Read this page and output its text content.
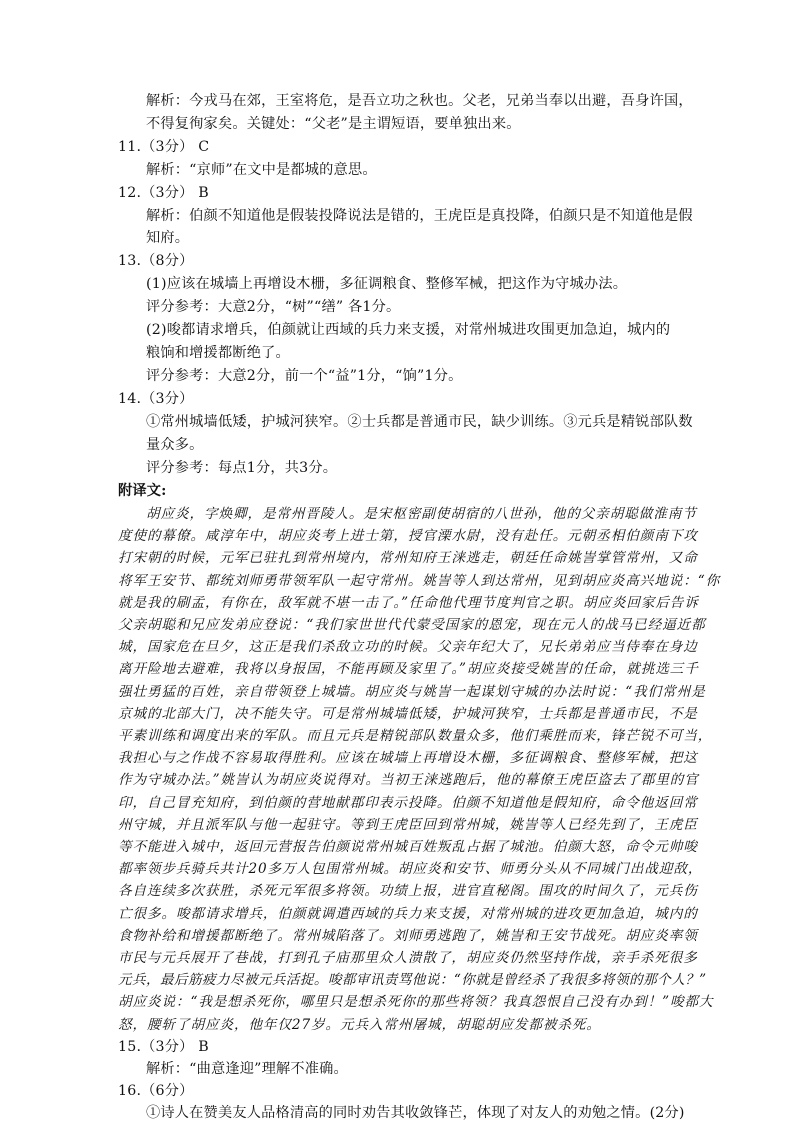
解析：今戎马在郊，王室将危，是吾立功之秋也。父老，兄弟当奉以出避，吾身许国，
不得复徇家矣。关键处：“父老”是主谓短语，要单独出来。
11.（3分） C
解析：“京师”在文中是都城的意思。
12.（3分） B
解析：伯颜不知道他是假装投降说法是错的，王虎臣是真投降，伯颜只是不知道他是假
知府。
13.（8分）
(1)应该在城墙上再增设木栅，多征调粮食、整修军械，把这作为守城办法。
评分参考：大意2分，“树”“缮” 各1分。
(2)唆都请求增兵，伯颜就让西域的兵力来支援，对常州城进攻围更加急迫，城内的
粮饷和增援都断绝了。
评分参考：大意2分，前一个“益”1分，“饷”1分。
14.（3分）
①常州城墙低矮，护城河狭窄。②士兵都是普通市民，缺少训练。③元兵是精锐部队数
量众多。
评分参考：每点1分，共3分。
附译文:
胡应炎，字焕卿，是常州晋陵人。是宋枢密副使胡宿的八世孙，他的父亲胡聪做淮南节
度使的幕僚。咸淳年中，胡应炎考上进士第，授官溧水尉，没有赴任。元朝丞相伯颜南下攻
打宋朝的时候，元军已驻扎到常州境内，常州知府王涞逃走，朝廷任命姚訔掌管常州，又命
将军王安节、都统刘师勇带领军队一起守常州。姚訔等人到达常州，见到胡应炎高兴地说：“你
就是我的刷孟，有你在，敌军就不堪一击了。”任命他代理节度判官之职。胡应炎回家后告诉
父亲胡聪和兄应发弟应登说：“我们家世世代代蒙受国家的恩宠，现在元人的战马已经逼近都
城，国家危在旦夕，这正是我们杀敌立功的时候。父亲年纪大了，兄长弟弟应当侍奉在身边
离开险地去避难，我将以身报国，不能再顾及家里了。”胡应炎接受姚訔的任命，就挑选三千
强壮勇猛的百姓，亲自带领登上城墙。胡应炎与姚訔一起谋划守城的办法时说：“我们常州是
京城的北部大门，决不能失守。可是常州城墙低矮，护城河狭窄，士兵都是普通市民，不是
平素训练和调度出来的军队。而且元兵是精锐部队数量众多，他们乘胜而来，锋芒锐不可当，
我担心与之作战不容易取得胜利。应该在城墙上再增设木栅，多征调粮食、整修军械，把这
作为守城办法。”姚訔认为胡应炎说得对。当初王涞逃跑后，他的幕僚王虎臣盗去了郡里的官
印，自己冒充知府，到伯颜的营地献郡印表示投降。伯颜不知道他是假知府，命令他返回常
州守城，并且派军队与他一起驻守。等到王虎臣回到常州城，姚訔等人已经先到了，王虎臣
等不能进入城中，返回元营报告伯颜说常州城百姓叛乱占据了城池。伯颜大怒，命令元帅唆
都率领步兵骑兵共计20多万人包围常州城。胡应炎和安节、师勇分头从不同城门出战迎敌，
各自连续多次获胜，杀死元军很多将领。功绩上报，进官直秘阁。围攻的时间久了，元兵伤
亡很多。唆都请求增兵，伯颜就调遣西域的兵力来支援，对常州城的进攻更加急迫，城内的
食物补给和增援都断绝了。常州城陷落了。刘师勇逃跑了，姚訔和王安节战死。胡应炎率领
市民与元兵展开了巷战，打到孔子庙那里众人溃散了，胡应炎仍然坚持作战，亲手杀死很多
元兵，最后筋疲力尽被元兵活捉。唆都审讯责骂他说：“你就是曾经杀了我很多将领的那个人？”
胡应炎说：“我是想杀死你，哪里只是想杀死你的那些将领？我真怨恨自己没有办到！”唆都大
怒，腰斩了胡应炎，他年仅27岁。元兵入常州屠城，胡聪胡应发都被杀死。
15.（3分） B
解析：“曲意逢迎”理解不准确。
16.（6分）
①诗人在赞美友人品格清高的同时劝告其收敛锋芒，体现了对友人的劝勉之情。(2分)
